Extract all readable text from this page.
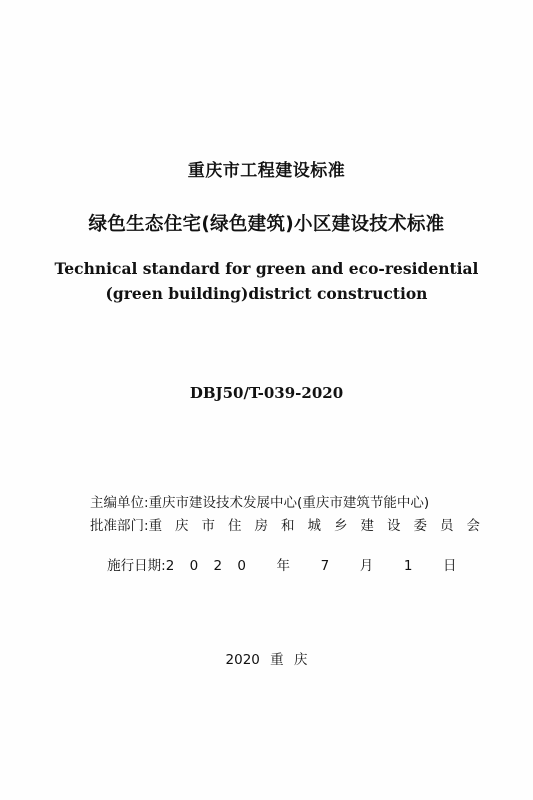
重庆市工程建设标准
绿色生态住宅(绿色建筑)小区建设技术标准
Technical standard for green and eco-residential
(green building)district construction
DBJ50/T-039-2020
主编单位:重庆市建设技术发展中心(重庆市建筑节能中心)
批准部门:重庆市住房和城乡建设委员会

施行日期:2 0 2 0  年  7  月  1  日

2020 重 庆
